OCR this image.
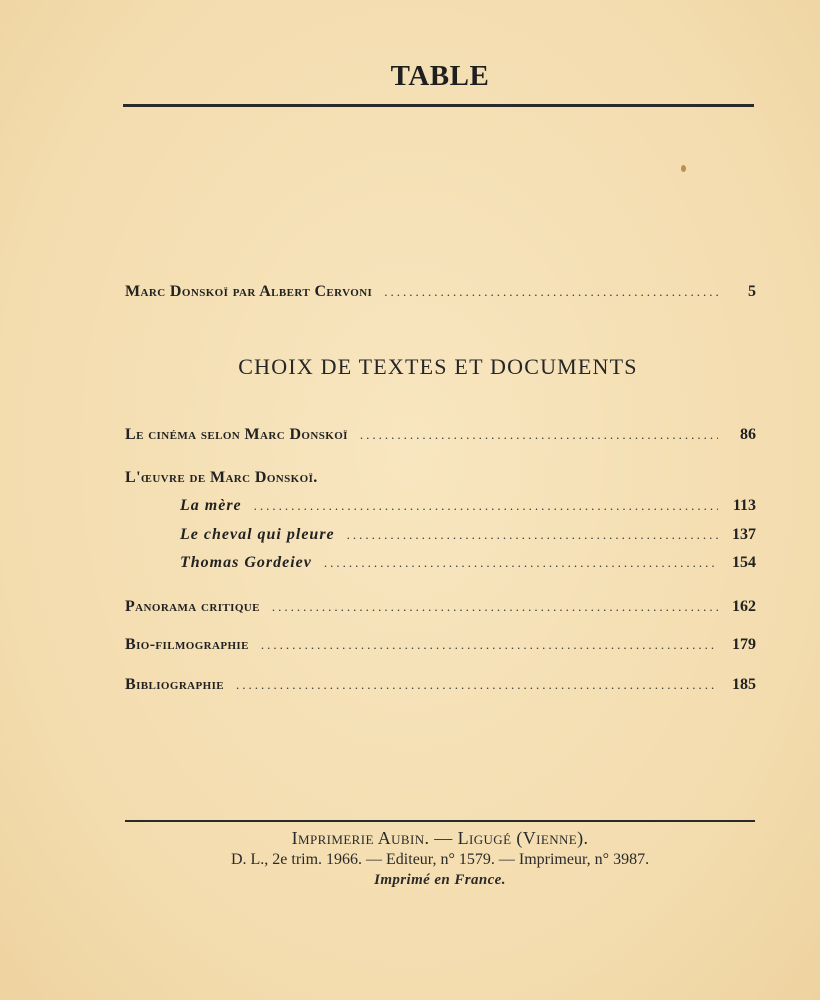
TABLE
Marc Donskoï par Albert Cervoni .....	5
CHOIX DE TEXTES ET DOCUMENTS
Le cinéma selon Marc Donskoï .....	86
L'œuvre de Marc Donskoï.
La mère .....	113
Le cheval qui pleure .....	137
Thomas Gordeiev .....	154
Panorama critique .....	162
Bio-filmographie .....	179
Bibliographie .....	185
Imprimerie Aubin. — Ligugé (Vienne).
D. L., 2e trim. 1966. — Editeur, n° 1579. — Imprimeur, n° 3987.
Imprimé en France.
